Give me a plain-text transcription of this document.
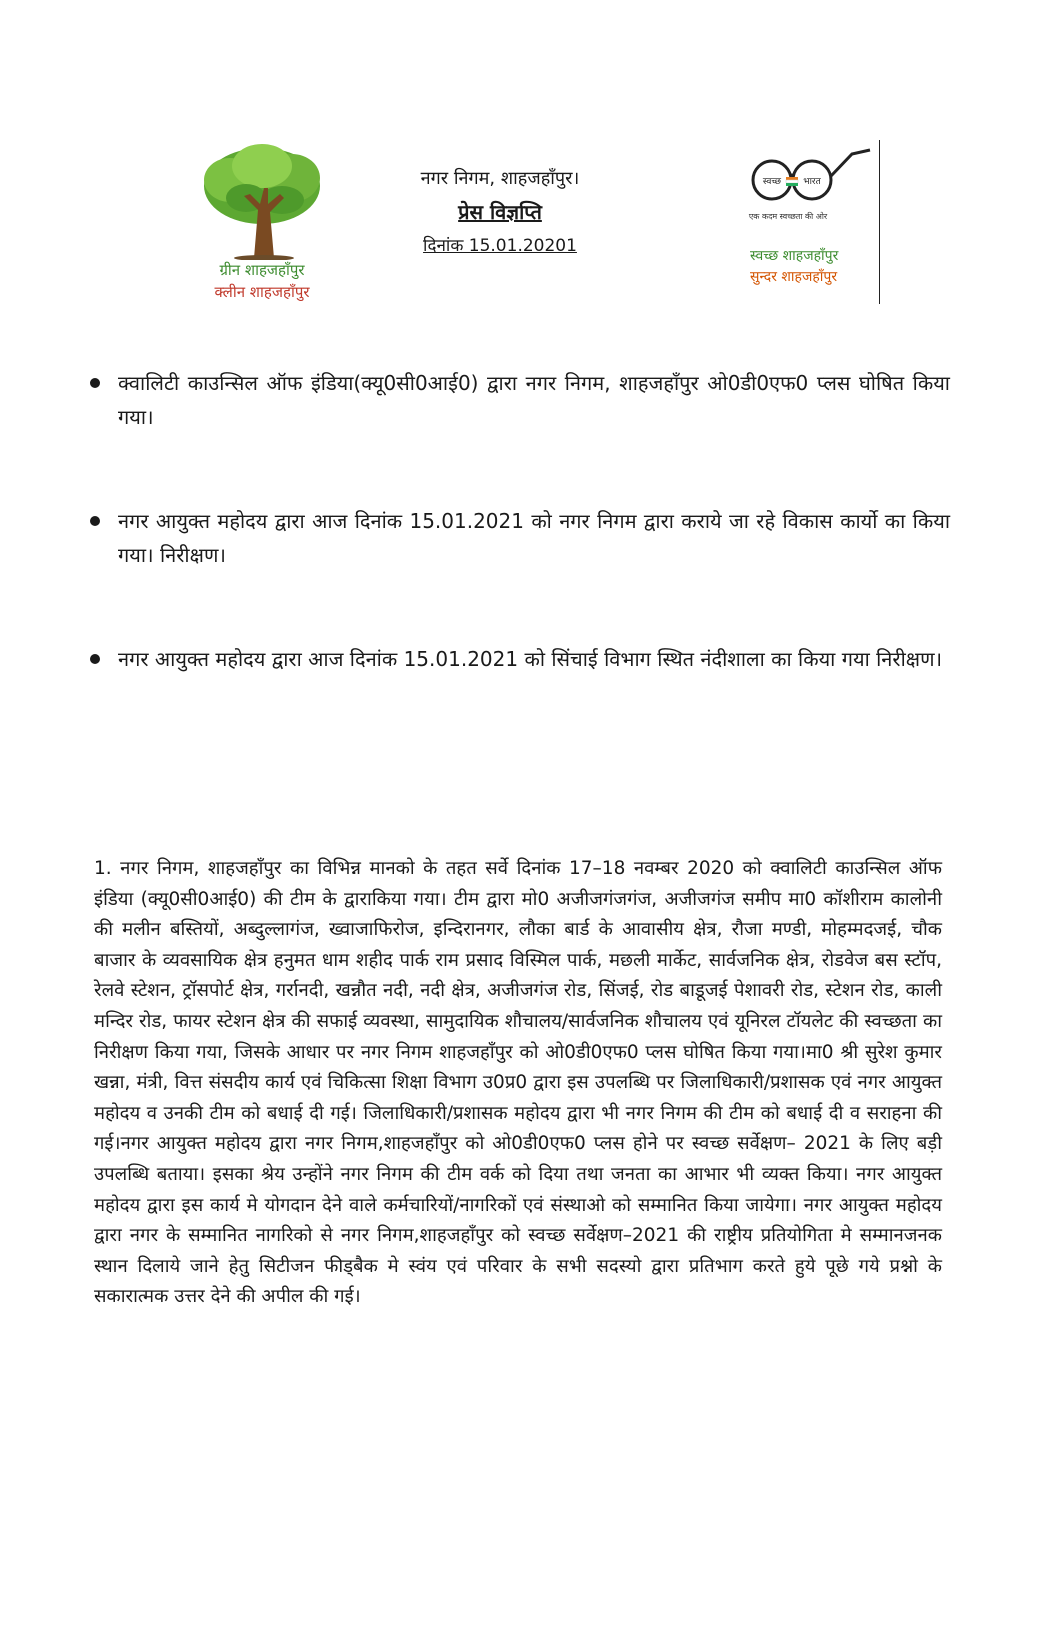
ग्रीन शाहजहाँपुर
क्लीन शाहजहाँपुर
नगर निगम, शाहजहाँपुर।
प्रेस विज्ञप्ति
दिनांक 15.01.20201
स्वच्छ भारत
एक कदम स्वच्छता की ओर
स्वच्छ शाहजहाँपुर
सुन्दर शाहजहाँपुर
क्वालिटी काउन्सिल ऑफ इंडिया(क्यू0सी0आई0) द्वारा नगर निगम, शाहजहाँपुर ओ0डी0एफ0 प्लस घोषित किया गया।
नगर आयुक्त महोदय द्वारा आज दिनांक 15.01.2021 को नगर निगम द्वारा कराये जा रहे विकास कार्यो का किया गया। निरीक्षण।
नगर आयुक्त महोदय द्वारा आज दिनांक 15.01.2021 को सिंचाई विभाग स्थित नंदीशाला का किया गया निरीक्षण।
1. नगर निगम, शाहजहाँपुर का विभिन्न मानको के तहत सर्वे दिनांक 17–18 नवम्बर 2020 को क्वालिटी काउन्सिल ऑफ इंडिया (क्यू0सी0आई0) की टीम के द्वाराकिया गया। टीम द्वारा मो0 अजीजगंजगंज, अजीजगंज समीप मा0 कॉशीराम कालोनी की मलीन बस्तियों, अब्दुल्लागंज, ख्वाजाफिरोज, इन्दिरानगर, लौका बार्ड के आवासीय क्षेत्र, रौजा मण्डी, मोहम्मदजई, चौक बाजार के व्यवसायिक क्षेत्र हनुमत धाम शहीद पार्क राम प्रसाद विस्मिल पार्क, मछली मार्केट, सार्वजनिक क्षेत्र, रोडवेज बस स्टॉप, रेलवे स्टेशन, ट्रॉसपोर्ट क्षेत्र, गर्रानदी, खन्नौत नदी, नदी क्षेत्र, अजीजगंज रोड, सिंजई, रोड बाडूजई पेशावरी रोड, स्टेशन रोड, काली मन्दिर रोड, फायर स्टेशन क्षेत्र की सफाई व्यवस्था, सामुदायिक शौचालय/सार्वजनिक शौचालय एवं यूनिरल टॉयलेट की स्वच्छता का निरीक्षण किया गया, जिसके आधार पर नगर निगम शाहजहाँपुर को ओ0डी0एफ0 प्लस घोषित किया गया।मा0 श्री सुरेश कुमार खन्ना, मंत्री, वित्त संसदीय कार्य एवं चिकित्सा शिक्षा विभाग उ0प्र0 द्वारा इस उपलब्धि पर जिलाधिकारी/प्रशासक एवं नगर आयुक्त महोदय व उनकी टीम को बधाई दी गई। जिलाधिकारी/प्रशासक महोदय द्वारा भी नगर निगम की टीम को बधाई दी व सराहना की गई।नगर आयुक्त महोदय द्वारा नगर निगम,शाहजहाँपुर को ओ0डी0एफ0 प्लस होने पर स्वच्छ सर्वेक्षण– 2021 के लिए बड़ी उपलब्धि बताया। इसका श्रेय उन्होंने नगर निगम की टीम वर्क को दिया तथा जनता का आभार भी व्यक्त किया। नगर आयुक्त महोदय द्वारा इस कार्य मे योगदान देने वाले कर्मचारियों/नागरिकों एवं संस्थाओ को सम्मानित किया जायेगा। नगर आयुक्त महोदय द्वारा नगर के सम्मानित नागरिको से नगर निगम,शाहजहाँपुर को स्वच्छ सर्वेक्षण–2021 की राष्ट्रीय प्रतियोगिता मे सम्मानजनक स्थान दिलाये जाने हेतु सिटीजन फीड्बैक मे स्वंय एवं परिवार के सभी सदस्यो द्वारा प्रतिभाग करते हुये पूछे गये प्रश्नो के सकारात्मक उत्तर देने की अपील की गई।
